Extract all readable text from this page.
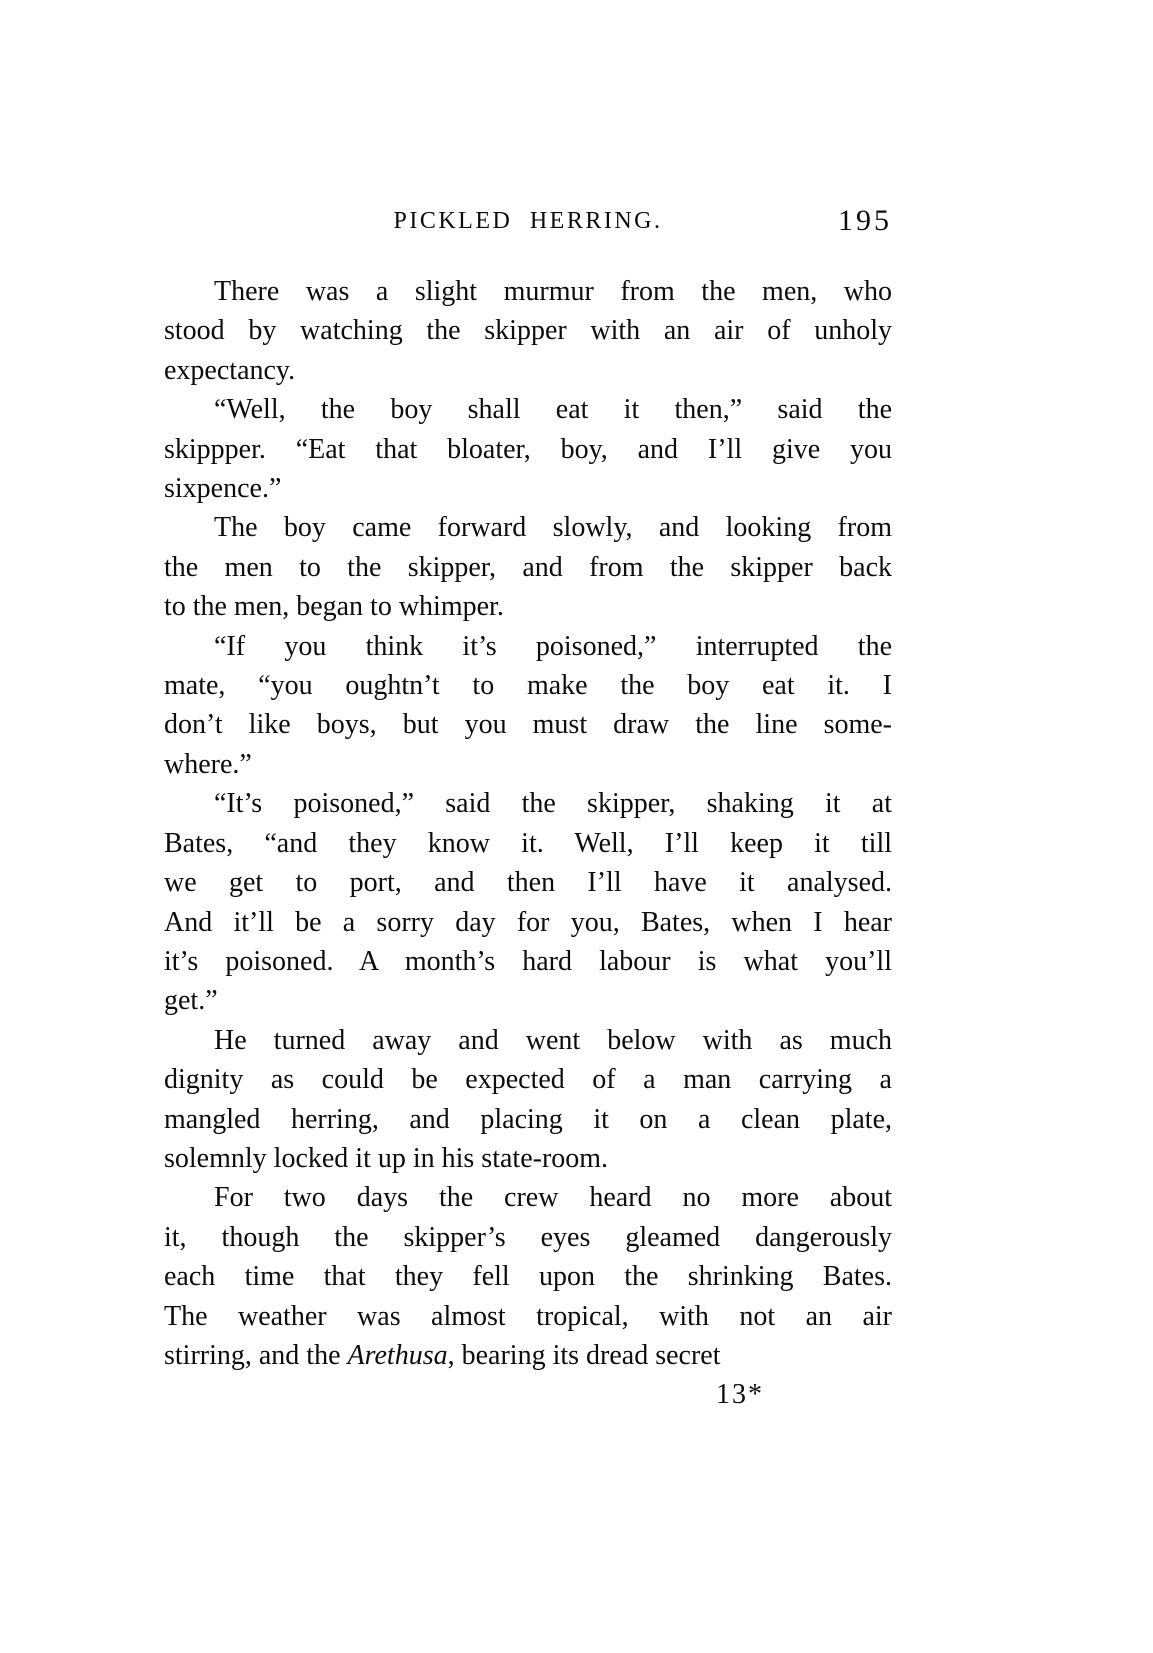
PICKLED HERRING.	195
There was a slight murmur from the men, who
stood by watching the skipper with an air of unholy
expectancy.
“Well, the boy shall eat it then,” said the
skippper. “Eat that bloater, boy, and I’ll give you
sixpence.”
The boy came forward slowly, and looking from
the men to the skipper, and from the skipper back
to the men, began to whimper.
“If you think it’s poisoned,” interrupted the
mate, “you oughtn’t to make the boy eat it. I
don’t like boys, but you must draw the line some-
where.”
“It’s poisoned,” said the skipper, shaking it at
Bates, “and they know it. Well, I’ll keep it till
we get to port, and then I’ll have it analysed.
And it’ll be a sorry day for you, Bates, when I hear
it’s poisoned. A month’s hard labour is what you’ll
get.”
He turned away and went below with as much
dignity as could be expected of a man carrying a
mangled herring, and placing it on a clean plate,
solemnly locked it up in his state-room.
For two days the crew heard no more about
it, though the skipper’s eyes gleamed dangerously
each time that they fell upon the shrinking Bates.
The weather was almost tropical, with not an air
stirring, and the Arethusa, bearing its dread secret
13*
